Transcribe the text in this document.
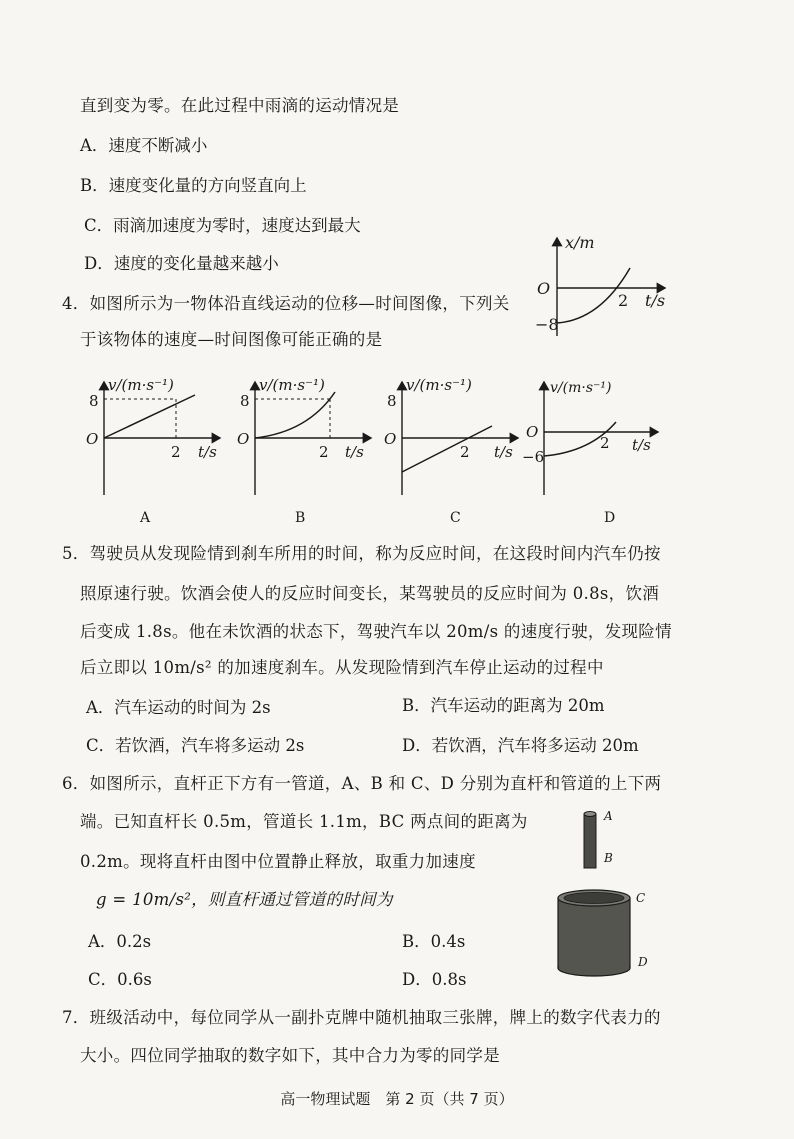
直到变为零。在此过程中雨滴的运动情况是
A．速度不断减小
B．速度变化量的方向竖直向上
C．雨滴加速度为零时，速度达到最大
D．速度的变化量越来越小
4．如图所示为一物体沿直线运动的位移—时间图像，下列关
于该物体的速度—时间图像可能正确的是
x/m
O
2 t/s
−8
v/(m·s⁻¹)
8
O
2 t/s
A
v/(m·s⁻¹)
8
O
2 t/s
B
v/(m·s⁻¹)
8
O
2 t/s
C
v/(m·s⁻¹)
O
−6
2 t/s
D
5．驾驶员从发现险情到刹车所用的时间，称为反应时间，在这段时间内汽车仍按
照原速行驶。饮酒会使人的反应时间变长，某驾驶员的反应时间为 0.8s，饮酒
后变成 1.8s。他在未饮酒的状态下，驾驶汽车以 20m/s 的速度行驶，发现险情
后立即以 10m/s² 的加速度刹车。从发现险情到汽车停止运动的过程中
A．汽车运动的时间为 2s	B．汽车运动的距离为 20m
C．若饮酒，汽车将多运动 2s	D．若饮酒，汽车将多运动 20m
6．如图所示，直杆正下方有一管道，A、B 和 C、D 分别为直杆和管道的上下两
端。已知直杆长 0.5m，管道长 1.1m，BC 两点间的距离为
0.2m。现将直杆由图中位置静止释放，取重力加速度
g = 10m/s²，则直杆通过管道的时间为
A．0.2s	B．0.4s
C．0.6s	D．0.8s
A
B
C
D
7．班级活动中，每位同学从一副扑克牌中随机抽取三张牌，牌上的数字代表力的
大小。四位同学抽取的数字如下，其中合力为零的同学是
高一物理试题　第 2 页（共 7 页）
